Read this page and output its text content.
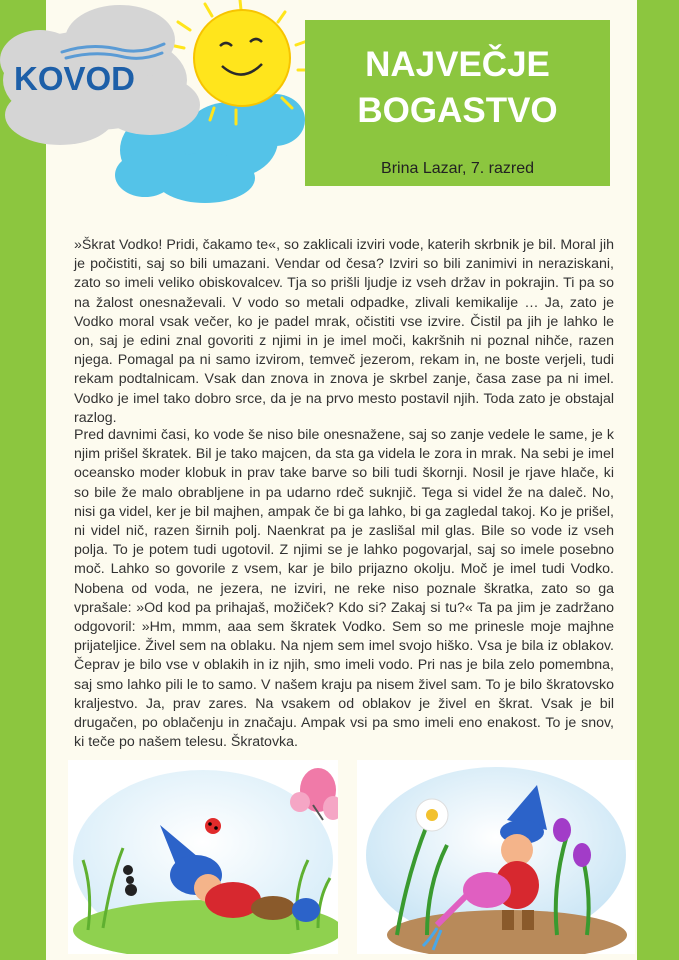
KOVOD	NAJVEČJE
BOGASTVO
Brina Lazar, 7. razred
»Škrat Vodko! Pridi, čakamo te«, so zaklicali izviri vode, katerih skrbnik je bil. Moral jih je počistiti, saj so bili umazani. Vendar od česa? Izviri so bili zanimivi in neraziskani, zato so imeli veliko obiskovalcev. Tja so prišli ljudje iz vseh držav in pokrajin. Ti pa so na žalost onesnaževali. V vodo so metali odpadke, zlivali kemikalije … Ja, zato je Vodko moral vsak večer, ko je padel mrak, očistiti vse izvire. Čistil pa jih je lahko le on, saj je edini znal govoriti z njimi in je imel moči, kakršnih ni poznal nihče, razen njega. Pomagal pa ni samo izvirom, temveč jezerom, rekam in, ne boste verjeli, tudi rekam podtalnicam. Vsak dan znova in znova je skrbel zanje, časa zase pa ni imel. Vodko je imel tako dobro srce, da je na prvo mesto postavil njih. Toda zato je obstajal razlog.
Pred davnimi časi, ko vode še niso bile onesnažene, saj so zanje vedele le same, je k njim prišel škratek. Bil je tako majcen, da sta ga videla le zora in mrak. Na sebi je imel oceansko moder klobuk in prav take barve so bili tudi škornji. Nosil je rjave hlače, ki so bile že malo obrabljene in pa udarno rdeč suknjič. Tega si videl že na daleč. No, nisi ga videl, ker je bil majhen, ampak če bi ga lahko, bi ga zagledal takoj. Ko je prišel, ni videl nič, razen širnih polj. Naenkrat pa je zaslišal mil glas. Bile so vode iz vseh polja. To je potem tudi ugotovil. Z njimi se je lahko pogovarjal, saj so imele posebno moč. Lahko so govorile z vsem, kar je bilo prijazno okolju. Moč je imel tudi Vodko. Nobena od voda, ne jezera, ne izviri, ne reke niso poznale škratka, zato so ga vprašale: »Od kod pa prihajaš, možiček? Kdo si? Zakaj si tu?« Ta pa jim je zadržano odgovoril: »Hm, mmm, aaa sem škratek Vodko. Sem so me prinesle moje majhne prijateljice. Živel sem na oblaku. Na njem sem imel svojo hiško. Vsa je bila iz oblakov. Čeprav je bilo vse v oblakih in iz njih, smo imeli vodo. Pri nas je bila zelo pomembna, saj smo lahko pili le to samo. V našem kraju pa nisem živel sam. To je bilo škratovsko kraljestvo. Ja, prav zares. Na vsakem od oblakov je živel en škrat. Vsak je bil drugačen, po oblačenju in značaju. Ampak vsi pa smo imeli eno enakost. To je snov, ki teče po našem telesu. Škratovka.
